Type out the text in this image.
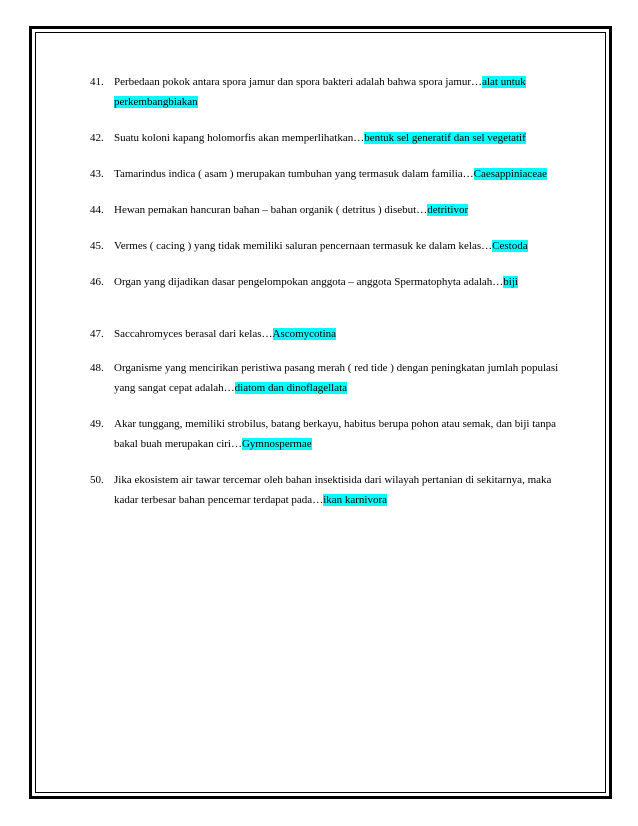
41. Perbedaan pokok antara spora jamur dan spora bakteri adalah bahwa spora jamur…alat untuk perkembangbiakan
42. Suatu koloni kapang holomorfis akan memperlihatkan…bentuk sel generatif dan sel vegetatif
43. Tamarindus indica ( asam ) merupakan tumbuhan yang termasuk dalam familia…Caesappiniaceae
44. Hewan pemakan hancuran bahan – bahan organik ( detritus ) disebut…detritivor
45. Vermes ( cacing ) yang tidak memiliki saluran pencernaan termasuk ke dalam kelas…Cestoda
46. Organ yang dijadikan dasar pengelompokan anggota – anggota Spermatophyta adalah…biji
47. Saccahromyces berasal dari kelas…Ascomycotina
48. Organisme yang mencirikan peristiwa pasang merah ( red tide ) dengan peningkatan jumlah populasi yang sangat cepat adalah…diatom dan dinoflagellata
49. Akar tunggang, memiliki strobilus, batang berkayu, habitus berupa pohon atau semak, dan biji tanpa bakal buah merupakan ciri…Gymnospermae
50. Jika ekosistem air tawar tercemar oleh bahan insektisida dari wilayah pertanian di sekitarnya, maka kadar terbesar bahan pencemar terdapat pada…ikan karnivora
